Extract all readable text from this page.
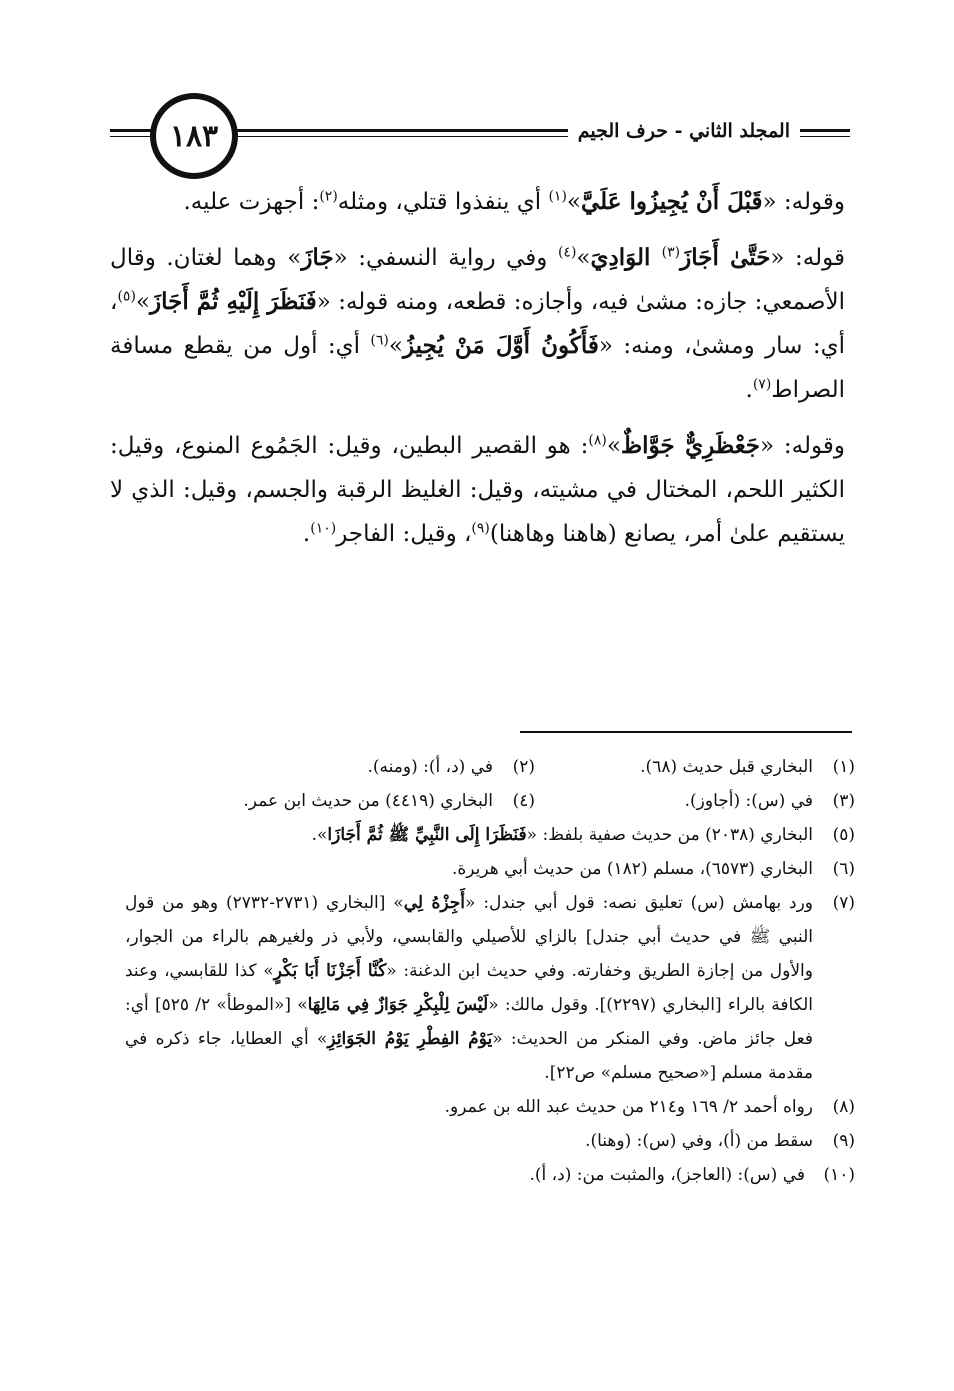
١٨٣	المجلد الثاني - حرف الجيم

وقوله: «قَبْلَ أَنْ يُجِيزُوا عَلَيَّ»$^{(١)}$ أي ينفذوا قتلي، ومثله$^{(٢)}$: أجهزت عليه.

قوله: «حَتَّىٰ أَجَازَ$^{(٣)}$ الوَادِيَ»$^{(٤)}$ وفي رواية النسفي: «جَازَ» وهما لغتان. وقال الأصمعي: جازه: مشىٰ فيه، وأجازه: قطعه، ومنه قوله: «فَنَظَرَ إِلَيْهِ ثُمَّ أَجَازَ»$^{(٥)}$، أي: سار ومشىٰ، ومنه: «فَأَكُونُ أَوَّلَ مَنْ يُجِيزُ»$^{(٦)}$ أي: أول من يقطع مسافة الصراط$^{(٧)}$.

وقوله: «جَعْظَرِيٌّ جَوَّاظٌ»$^{(٨)}$: هو القصير البطين، وقيل: الجَمُوع المنوع، وقيل: الكثير اللحم، المختال في مشيته، وقيل: الغليظ الرقبة والجسم، وقيل: الذي لا يستقيم علىٰ أمر، يصانع (هاهنا وهاهنا)$^{(٩)}$، وقيل: الفاجر$^{(١٠)}$.

(١)
البخاري قبل حديث (٦٨).
(٢)
في (د، أ): (ومنه).
(٣)
في (س): (أجاوز).
(٤)
البخاري (٤٤١٩) من حديث ابن عمر.
(٥)
البخاري (٢٠٣٨) من حديث صفية بلفظ: «فَنَظَرَا إِلَى النَّبِيِّ ﷺ ثُمَّ أَجَازَا».
(٦)
البخاري (٦٥٧٣)، مسلم (١٨٢) من حديث أبي هريرة.
(٧)
ورد بهامش (س) تعليق نصه: قول أبي جندل: «أَجِزْهُ لِي» [البخاري (٢٧٣١-٢٧٣٢) وهو من قول النبي ﷺ في حديث أبي جندل] بالزاي للأصيلي والقابسي، ولأبي ذر ولغيرهم بالراء من الجوار، والأول من إجازة الطريق وخفارته. وفي حديث ابن الدغنة: «كُنَّا أَجَزْنَا أَبَا بَكْرٍ» كذا للقابسي، وعند الكافة بالراء [البخاري (٢٢٩٧)]. وقول مالك: «لَيْسَ لِلْبِكْرِ جَوَازٌ فِي مَالِهَا» [«الموطأ» ٢/ ٥٢٥] أي: فعل جائز ماض. وفي المنكر من الحديث: «يَوْمُ الفِطْرِ يَوْمُ الجَوَائِزِ» أي العطايا، جاء ذكره في مقدمة مسلم [«صحيح مسلم» ص٢٢].
(٨)
رواه أحمد ٢/ ١٦٩ و٢١٤ من حديث عبد الله بن عمرو.
(٩)
سقط من (أ)، وفي (س): (وهنا).
(١٠)
في (س): (العاجز)، والمثبت من: (د، أ).
